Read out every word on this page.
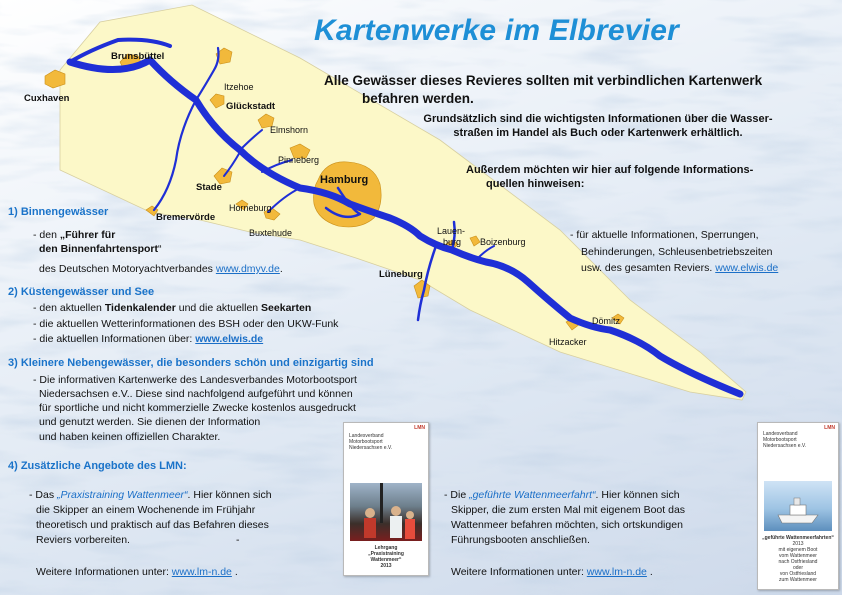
Brunsbüttel
Cuxhaven
Itzehoe
Glückstadt
Elmshorn
Pinneberg
Hamburg
Stade
Horneburg
Bremervörde
Buxtehude	Lauen-
burg Boizenburg
Lüneburg
Dömitz
Hitzacker
Kartenwerke im Elbrevier
Alle Gewässer dieses Revieres sollten mit verbindlichen Kartenwerk
befahren werden.
Grundsätzlich sind die wichtigsten Informationen über die Wasser-
straßen im Handel als Buch oder Kartenwerk erhältlich.
Außerdem möchten wir hier auf folgende Informations-
quellen hinweisen:
1) Binnengewässer
- den „Führer für
den Binnenfahrtensport“
des Deutschen Motoryachtverbandes www.dmyv.de.
- für aktuelle Informationen, Sperrungen,
Behinderungen, Schleusenbetriebszeiten
usw. des gesamten Reviers. www.elwis.de
2) Küstengewässer und See
- den aktuellen Tidenkalender und die aktuellen Seekarten
- die aktuellen Wetterinformationen des BSH oder den UKW-Funk
- die aktuellen Informationen über: www.elwis.de
3) Kleinere Nebengewässer, die besonders schön und einzigartig sind
- Die informativen Kartenwerke des Landesverbandes Motorbootsport
Niedersachsen e.V.. Diese sind nachfolgend aufgeführt und können
für sportliche und nicht kommerzielle Zwecke kostenlos ausgedruckt
und genutzt werden. Sie dienen der Information
und haben keinen offiziellen Charakter.
4) Zusätzliche Angebote des LMN:
- Das „Praxistraining Wattenmeer“. Hier können sich
die Skipper an einem Wochenende im Frühjahr
theoretisch und praktisch auf das Befahren dieses
Reviers vorbereiten.	-
Weitere Informationen unter: www.lm-n.de .
- Die „geführte Wattenmeerfahrt“. Hier können sich
Skipper, die zum ersten Mal mit eigenem Boot das
Wattenmeer befahren möchten, sich ortskundigen
Führungsbooten anschließen.
Weitere Informationen unter: www.lm-n.de .
LMN
Landesverband
Motorbootsport
Niedersachsen e.V.
Lehrgang
„Praxistraining
Wattenmeer“
2013
LMN
Landesverband
Motorbootsport
Niedersachsen e.V.
„geführte Wattenmeerfahrten“
2013
mit eigenem Boot
vom Wattenmeer
nach Ostfriesland
oder
von Ostfriesland
zum Wattenmeer
